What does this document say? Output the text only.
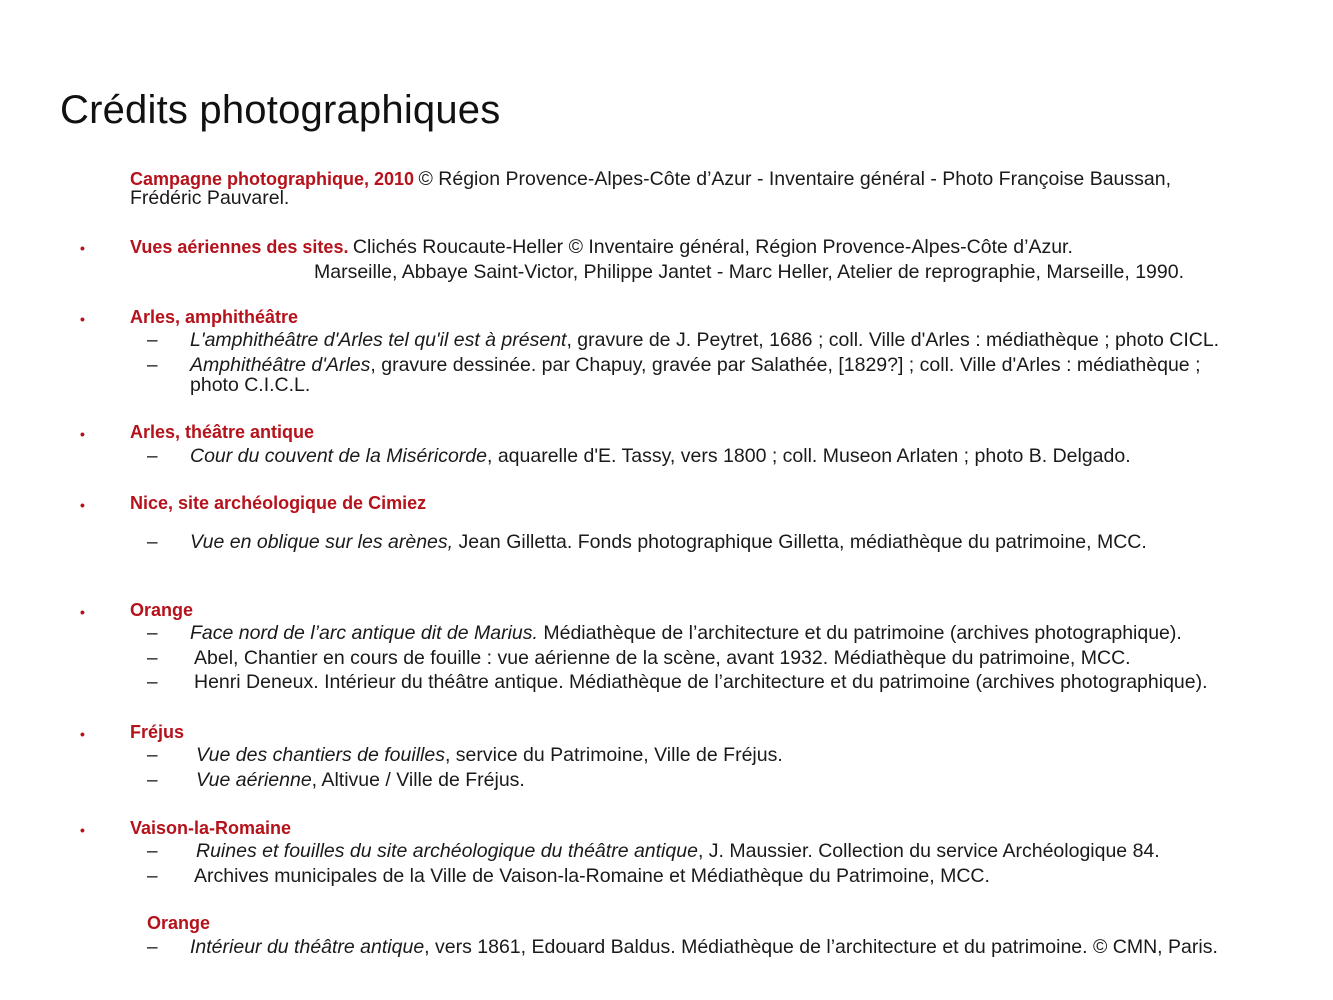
Crédits photographiques
Campagne photographique, 2010 © Région Provence-Alpes-Côte d’Azur - Inventaire général - Photo Françoise Baussan,
Frédéric Pauvarel.
•	Vues aériennes des sites. Clichés Roucaute-Heller © Inventaire général, Région Provence-Alpes-Côte d’Azur.
Marseille, Abbaye Saint-Victor, Philippe Jantet - Marc Heller, Atelier de reprographie, Marseille, 1990.
•	Arles, amphithéâtre
– L'amphithéâtre d'Arles tel qu'il est à présent, gravure de J. Peytret, 1686 ; coll. Ville d'Arles : médiathèque ; photo CICL.
– Amphithéâtre d'Arles, gravure dessinée. par Chapuy, gravée par Salathée, [1829?] ; coll. Ville d'Arles : médiathèque ;
photo C.I.C.L.
•	Arles, théâtre antique
– Cour du couvent de la Miséricorde, aquarelle d'E. Tassy, vers 1800 ; coll. Museon Arlaten ; photo B. Delgado.
•	Nice, site archéologique de Cimiez
– Vue en oblique sur les arènes, Jean Gilletta. Fonds photographique Gilletta, médiathèque du patrimoine, MCC.
•	Orange
– Face nord de l’arc antique dit de Marius. Médiathèque de l’architecture et du patrimoine (archives photographique).
– Abel, Chantier en cours de fouille : vue aérienne de la scène, avant 1932. Médiathèque du patrimoine, MCC.
– Henri Deneux. Intérieur du théâtre antique. Médiathèque de l’architecture et du patrimoine (archives photographique).
•	Fréjus
– Vue des chantiers de fouilles, service du Patrimoine, Ville de Fréjus.
– Vue aérienne, Altivue / Ville de Fréjus.
•	Vaison-la-Romaine
– Ruines et fouilles du site archéologique du théâtre antique, J. Maussier. Collection du service Archéologique 84.
– Archives municipales de la Ville de Vaison-la-Romaine et Médiathèque du Patrimoine, MCC.
Orange
– Intérieur du théâtre antique, vers 1861, Edouard Baldus. Médiathèque de l’architecture et du patrimoine. © CMN, Paris.
